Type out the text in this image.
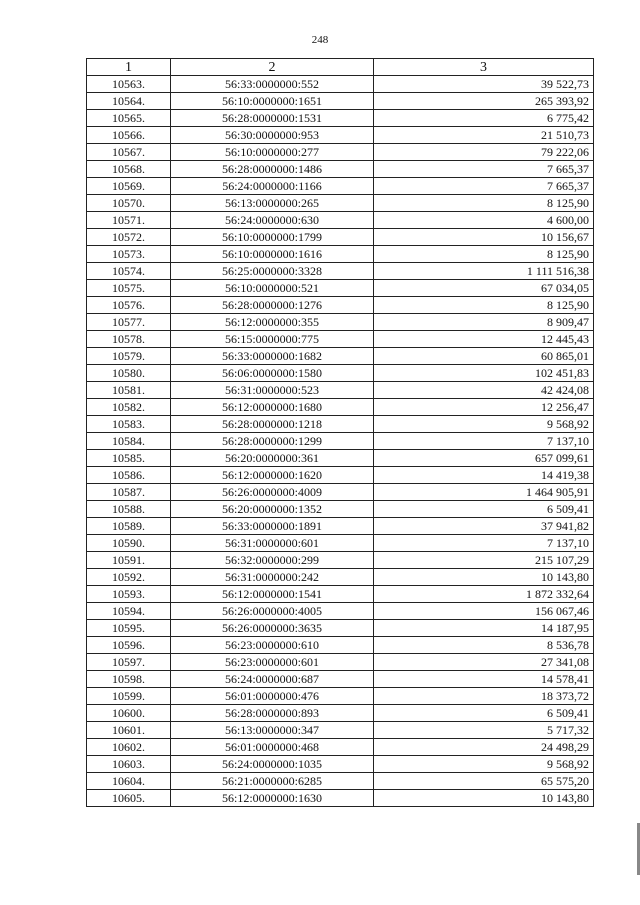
248
1	2	3
10563.	56:33:0000000:552	39 522,73
10564.	56:10:0000000:1651	265 393,92
10565.	56:28:0000000:1531	6 775,42
10566.	56:30:0000000:953	21 510,73
10567.	56:10:0000000:277	79 222,06
10568.	56:28:0000000:1486	7 665,37
10569.	56:24:0000000:1166	7 665,37
10570.	56:13:0000000:265	8 125,90
10571.	56:24:0000000:630	4 600,00
10572.	56:10:0000000:1799	10 156,67
10573.	56:10:0000000:1616	8 125,90
10574.	56:25:0000000:3328	1 111 516,38
10575.	56:10:0000000:521	67 034,05
10576.	56:28:0000000:1276	8 125,90
10577.	56:12:0000000:355	8 909,47
10578.	56:15:0000000:775	12 445,43
10579.	56:33:0000000:1682	60 865,01
10580.	56:06:0000000:1580	102 451,83
10581.	56:31:0000000:523	42 424,08
10582.	56:12:0000000:1680	12 256,47
10583.	56:28:0000000:1218	9 568,92
10584.	56:28:0000000:1299	7 137,10
10585.	56:20:0000000:361	657 099,61
10586.	56:12:0000000:1620	14 419,38
10587.	56:26:0000000:4009	1 464 905,91
10588.	56:20:0000000:1352	6 509,41
10589.	56:33:0000000:1891	37 941,82
10590.	56:31:0000000:601	7 137,10
10591.	56:32:0000000:299	215 107,29
10592.	56:31:0000000:242	10 143,80
10593.	56:12:0000000:1541	1 872 332,64
10594.	56:26:0000000:4005	156 067,46
10595.	56:26:0000000:3635	14 187,95
10596.	56:23:0000000:610	8 536,78
10597.	56:23:0000000:601	27 341,08
10598.	56:24:0000000:687	14 578,41
10599.	56:01:0000000:476	18 373,72
10600.	56:28:0000000:893	6 509,41
10601.	56:13:0000000:347	5 717,32
10602.	56:01:0000000:468	24 498,29
10603.	56:24:0000000:1035	9 568,92
10604.	56:21:0000000:6285	65 575,20
10605.	56:12:0000000:1630	10 143,80
